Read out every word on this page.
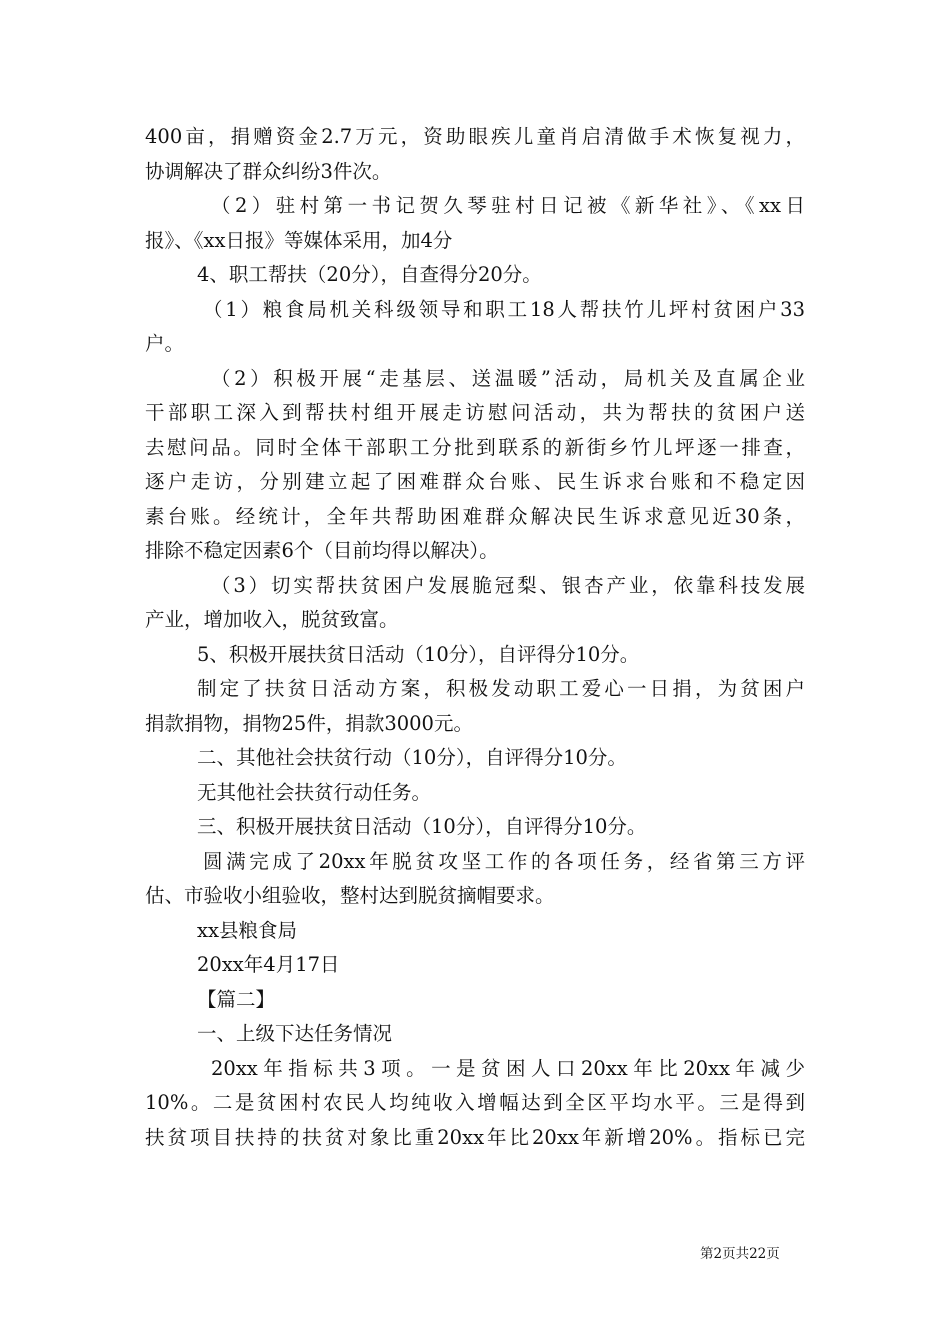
400亩，捐赠资金2.7万元，资助眼疾儿童肖启清做手术恢复视力，
协调解决了群众纠纷3件次。
（2）驻村第一书记贺久琴驻村日记被《新华社》、《xx日
报》、《xx日报》等媒体采用，加4分
4、职工帮扶（20分），自查得分20分。
（1）粮食局机关科级领导和职工18人帮扶竹儿坪村贫困户33
户。
（2）积极开展“走基层、送温暖”活动，局机关及直属企业
干部职工深入到帮扶村组开展走访慰问活动，共为帮扶的贫困户送
去慰问品。同时全体干部职工分批到联系的新街乡竹儿坪逐一排查，
逐户走访，分别建立起了困难群众台账、民生诉求台账和不稳定因
素台账。经统计，全年共帮助困难群众解决民生诉求意见近30条，
排除不稳定因素6个（目前均得以解决）。
（3）切实帮扶贫困户发展脆冠梨、银杏产业，依靠科技发展
产业，增加收入，脱贫致富。
5、积极开展扶贫日活动（10分），自评得分10分。
制定了扶贫日活动方案，积极发动职工爱心一日捐，为贫困户
捐款捐物，捐物25件，捐款3000元。
二、其他社会扶贫行动（10分），自评得分10分。
无其他社会扶贫行动任务。
三、积极开展扶贫日活动（10分），自评得分10分。
圆满完成了20xx年脱贫攻坚工作的各项任务，经省第三方评
估、市验收小组验收，整村达到脱贫摘帽要求。
xx县粮食局
20xx年4月17日
【篇二】
一、上级下达任务情况
20xx年指标共3项。一是贫困人口20xx年比20xx年减少
10%。二是贫困村农民人均纯收入增幅达到全区平均水平。三是得到
扶贫项目扶持的扶贫对象比重20xx年比20xx年新增20%。指标已完
第2页共22页
